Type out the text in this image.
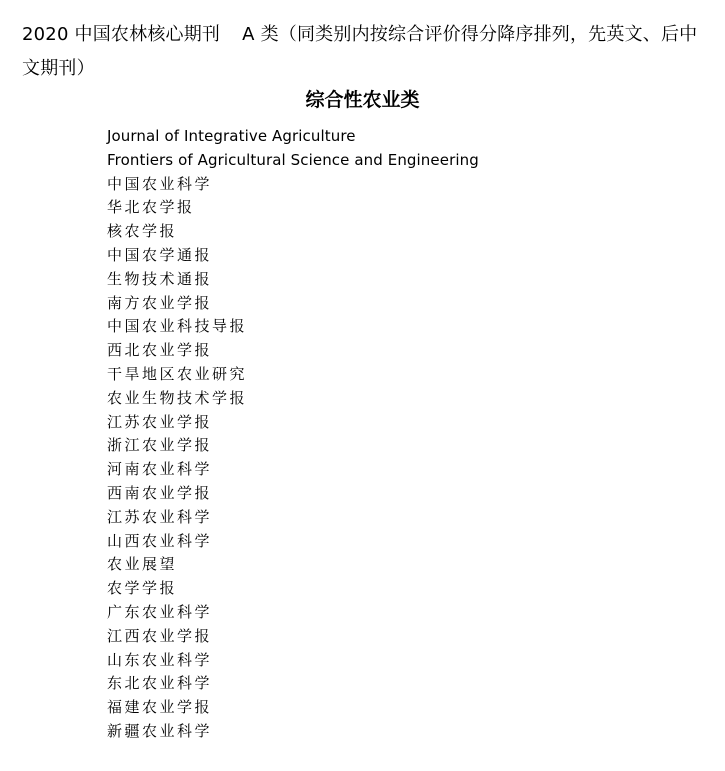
2020 中国农林核心期刊 A 类（同类别内按综合评价得分降序排列，先英文、后中
文期刊）
综合性农业类
Journal of Integrative Agriculture
Frontiers of Agricultural Science and Engineering
中国农业科学
华北农学报
核农学报
中国农学通报
生物技术通报
南方农业学报
中国农业科技导报
西北农业学报
干旱地区农业研究
农业生物技术学报
江苏农业学报
浙江农业学报
河南农业科学
西南农业学报
江苏农业科学
山西农业科学
农业展望
农学学报
广东农业科学
江西农业学报
山东农业科学
东北农业科学
福建农业学报
新疆农业科学
